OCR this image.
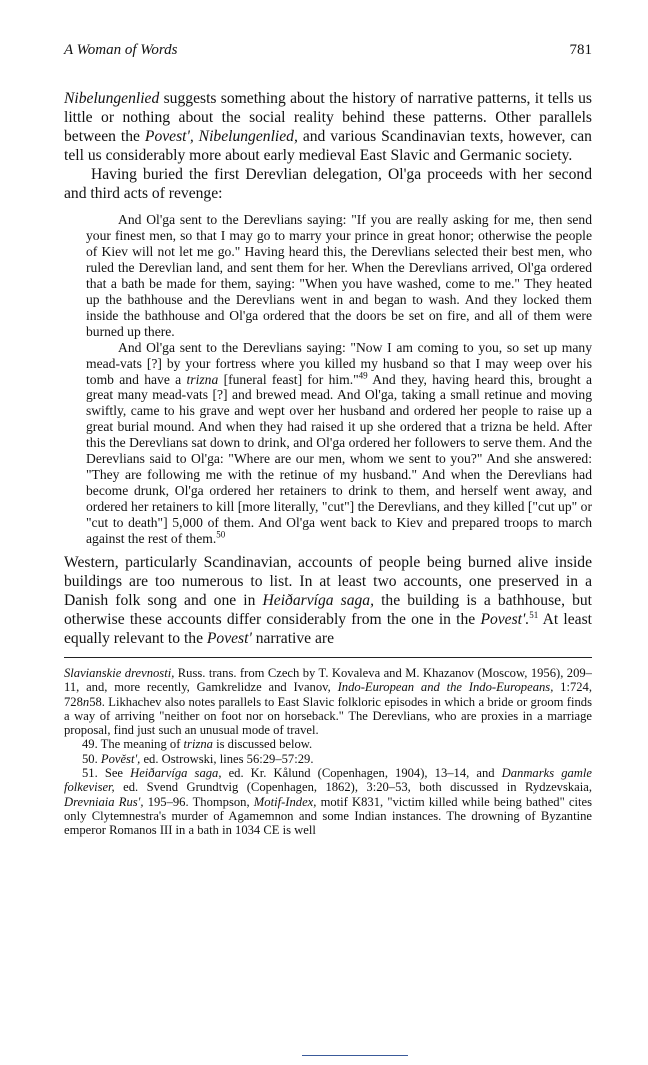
A Woman of Words	781

Nibelungenlied suggests something about the history of narrative patterns, it tells us little or nothing about the social reality behind these patterns. Other parallels between the Povest', Nibelungenlied, and various Scandinavian texts, however, can tell us considerably more about early medieval East Slavic and Germanic society.

Having buried the first Derevlian delegation, Ol'ga proceeds with her second and third acts of revenge:

And Ol'ga sent to the Derevlians saying: "If you are really asking for me, then send your finest men, so that I may go to marry your prince in great honor; otherwise the people of Kiev will not let me go." Having heard this, the Derevlians selected their best men, who ruled the Derevlian land, and sent them for her. When the Derevlians arrived, Ol'ga ordered that a bath be made for them, saying: "When you have washed, come to me." They heated up the bathhouse and the Derevlians went in and began to wash. And they locked them inside the bathhouse and Ol'ga ordered that the doors be set on fire, and all of them were burned up there.

And Ol'ga sent to the Derevlians saying: "Now I am coming to you, so set up many mead-vats [?] by your fortress where you killed my husband so that I may weep over his tomb and have a trizna [funeral feast] for him."$^{49}$ And they, having heard this, brought a great many mead-vats [?] and brewed mead. And Ol'ga, taking a small retinue and moving swiftly, came to his grave and wept over her husband and ordered her people to raise up a great burial mound. And when they had raised it up she ordered that a trizna be held. After this the Derevlians sat down to drink, and Ol'ga ordered her followers to serve them. And the Derevlians said to Ol'ga: "Where are our men, whom we sent to you?" And she answered: "They are following me with the retinue of my husband." And when the Derevlians had become drunk, Ol'ga ordered her retainers to drink to them, and herself went away, and ordered her retainers to kill [more literally, "cut"] the Derevlians, and they killed ["cut up" or "cut to death"] 5,000 of them. And Ol'ga went back to Kiev and prepared troops to march against the rest of them.$^{50}$

Western, particularly Scandinavian, accounts of people being burned alive inside buildings are too numerous to list. In at least two accounts, one preserved in a Danish folk song and one in Heiðarvíga saga, the building is a bathhouse, but otherwise these accounts differ considerably from the one in the Povest'.$^{51}$ At least equally relevant to the Povest' narrative are

Slavianskie drevnosti, Russ. trans. from Czech by T. Kovaleva and M. Khazanov (Moscow, 1956), 209–11, and, more recently, Gamkrelidze and Ivanov, Indo-European and the Indo-Europeans, 1:724, 728n58. Likhachev also notes parallels to East Slavic folkloric episodes in which a bride or groom finds a way of arriving "neither on foot nor on horseback." The Derevlians, who are proxies in a marriage proposal, find just such an unusual mode of travel.

49. The meaning of trizna is discussed below.

50. Pověst', ed. Ostrowski, lines 56:29–57:29.

51. See Heiðarvíga saga, ed. Kr. Kålund (Copenhagen, 1904), 13–14, and Danmarks gamle folkeviser, ed. Svend Grundtvig (Copenhagen, 1862), 3:20–53, both discussed in Rydzevskaia, Drevniaia Rus', 195–96. Thompson, Motif-Index, motif K831, "victim killed while being bathed" cites only Clytemnestra's murder of Agamemnon and some Indian instances. The drowning of Byzantine emperor Romanos III in a bath in 1034 CE is well
